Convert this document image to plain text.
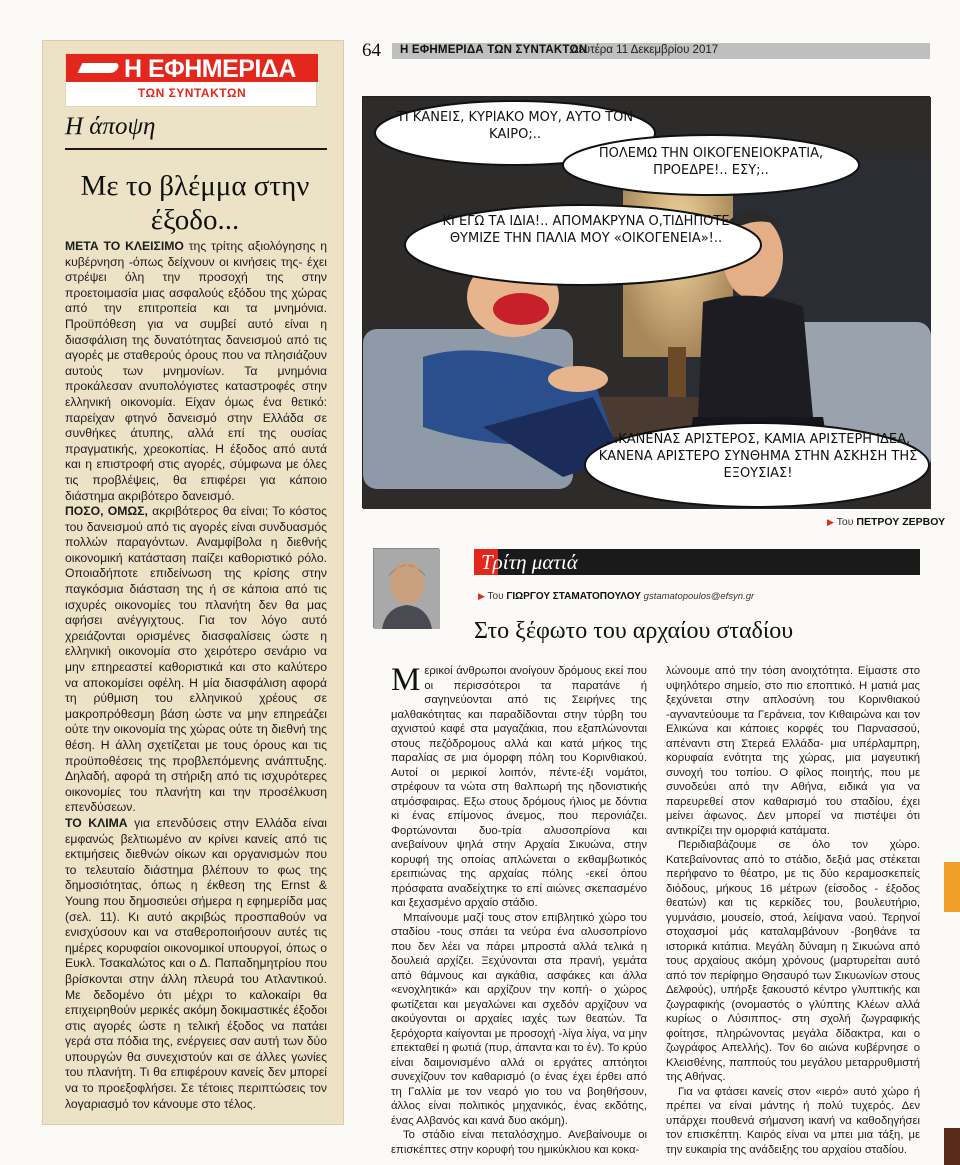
Η ΕΦΗΜΕΡΙΔΑ
ΤΩΝ ΣΥΝΤΑΚΤΩΝ
Η άποψη
Με το βλέμμα στην έξοδο...

ΜΕΤΑ ΤΟ ΚΛΕΙΣΙΜΟ της τρίτης αξιολόγησης η κυβέρνηση -όπως δείχνουν οι κινήσεις της- έχει στρέψει όλη την προσοχή της στην προετοιμασία μιας ασφαλούς εξόδου της χώρας από την επιτροπεία και τα μνημόνια. Προϋπόθεση για να συμβεί αυτό είναι η διασφάλιση της δυνατότητας δανεισμού από τις αγορές με σταθερούς όρους που να πλησιάζουν αυτούς των μνημονίων. Τα μνημόνια προκάλεσαν ανυπολόγιστες καταστροφές στην ελληνική οικονομία. Είχαν όμως ένα θετικό: παρείχαν φτηνό δανεισμό στην Ελλάδα σε συνθήκες άτυπης, αλλά επί της ουσίας πραγματικής, χρεοκοπίας. Η έξοδος από αυτά και η επιστροφή στις αγορές, σύμφωνα με όλες τις προβλέψεις, θα επιφέρει για κάποιο διάστημα ακριβότερο δανεισμό.

ΠΟΣΟ, ΟΜΩΣ, ακριβότερος θα είναι; Το κόστος του δανεισμού από τις αγορές είναι συνδυασμός πολλών παραγόντων. Αναμφίβολα η διεθνής οικονομική κατάσταση παίζει καθοριστικό ρόλο. Οποιαδήποτε επιδείνωση της κρίσης στην παγκόσμια διάσταση της ή σε κάποια από τις ισχυρές οικονομίες του πλανήτη δεν θα μας αφήσει ανέγγιχτους. Για τον λόγο αυτό χρειάζονται ορισμένες διασφαλίσεις ώστε η ελληνική οικονομία στο χειρότερο σενάριο να μην επηρεαστεί καθοριστικά και στο καλύτερο να αποκομίσει οφέλη. Η μία διασφάλιση αφορά τη ρύθμιση του ελληνικού χρέους σε μακροπρόθεσμη βάση ώστε να μην επηρεάζει ούτε την οικονομία της χώρας ούτε τη διεθνή της θέση. Η άλλη σχετίζεται με τους όρους και τις προϋποθέσεις της προβλεπόμενης ανάπτυξης. Δηλαδή, αφορά τη στήριξη από τις ισχυρότερες οικονομίες του πλανήτη και την προσέλκυση επενδύσεων.

ΤΟ ΚΛΙΜΑ για επενδύσεις στην Ελλάδα είναι εμφανώς βελτιωμένο αν κρίνει κανείς από τις εκτιμήσεις διεθνών οίκων και οργανισμών που το τελευταίο διάστημα βλέπουν το φως της δημοσιότητας, όπως η έκθεση της Ernst & Young που δημοσιεύει σήμερα η εφημερίδα μας (σελ. 11). Κι αυτό ακριβώς προσπαθούν να ενισχύσουν και να σταθεροποιήσουν αυτές τις ημέρες κορυφαίοι οικονομικοί υπουργοί, όπως ο Ευκλ. Τσακαλώτος και ο Δ. Παπαδημητρίου που βρίσκονται στην άλλη πλευρά του Ατλαντικού. Με δεδομένο ότι μέχρι το καλοκαίρι θα επιχειρηθούν μερικές ακόμη δοκιμαστικές έξοδοι στις αγορές ώστε η τελική έξοδος να πατάει γερά στα πόδια της, ενέργειες σαν αυτή των δύο υπουργών θα συνεχιστούν και σε άλλες γωνίες του πλανήτη. Τι θα επιφέρουν κανείς δεν μπορεί να το προεξοφλήσει. Σε τέτοιες περιπτώσεις τον λογαριασμό τον κάνουμε στο τέλος.

64 Η ΕΦΗΜΕΡΙΔΑ ΤΩΝ ΣΥΝΤΑΚΤΩΝ
Δευτέρα 11 Δεκεμβρίου 2017
ΤΙ ΚΑΝΕΙΣ, ΚΥΡΙΑΚΟ ΜΟΥ, ΑΥΤΟ ΤΟΝ ΚΑΙΡΟ;..
ΠΟΛΕΜΩ ΤΗΝ ΟΙΚΟΓΕΝΕΙΟΚΡΑΤΙΑ, ΠΡΟΕΔΡΕ!.. ΕΣΥ;..
ΚΙ ΕΓΩ ΤΑ ΙΔΙΑ!.. ΑΠΟΜΑΚΡΥΝΑ Ο,ΤΙΔΗΠΟΤΕ ΘΥΜΙΖΕ ΤΗΝ ΠΑΛΙΑ ΜΟΥ «ΟΙΚΟΓΕΝΕΙΑ»!..
...ΚΑΝΕΝΑΣ ΑΡΙΣΤΕΡΟΣ, ΚΑΜΙΑ ΑΡΙΣΤΕΡΗ ΙΔΕΑ, ΚΑΝΕΝΑ ΑΡΙΣΤΕΡΟ ΣΥΝΘΗΜΑ ΣΤΗΝ ΑΣΚΗΣΗ ΤΗΣ ΕΞΟΥΣΙΑΣ!
▶ Του ΠΕΤΡΟΥ ΖΕΡΒΟΥ
Τρίτη ματιά
▶ Του ΓΙΩΡΓΟΥ ΣΤΑΜΑΤΟΠΟΥΛΟΥ gstamatopoulos@efsyn.gr
Στο ξέφωτο του αρχαίου σταδίου

Μερικοί άνθρωποι ανοίγουν δρόμους εκεί που οι περισσότεροι τα παρατάνε ή σαγηνεύονται από τις Σειρήνες της μαλθακότητας και παραδίδονται στην τύρβη του αχνιστού καφέ στα μαγαζάκια, που εξαπλώνονται στους πεζόδρομους αλλά και κατά μήκος της παραλίας σε μια όμορφη πόλη του Κορινθιακού. Αυτοί οι μερικοί λοιπόν, πέντε-έξι νομάτοι, στρέφουν τα νώτα στη θαλπωρή της ηδονιστικής ατμόσφαιρας. Εξω στους δρόμους ήλιος με δόντια κι ένας επίμονος άνεμος, που περονιάζει. Φορτώνονται δυο-τρία αλυσοπρίονα και ανεβαίνουν ψηλά στην Αρχαία Σικυώνα, στην κορυφή της οποίας απλώνεται ο εκθαμβωτικός ερειπιώνας της αρχαίας πόλης -εκεί όπου πρόσφατα αναδείχτηκε το επί αιώνες σκεπασμένο και ξεχασμένο αρχαίο στάδιο.

Μπαίνουμε μαζί τους στον επιβλητικό χώρο του σταδίου -τους σπάει τα νεύρα ένα αλυσοπρίονο που δεν λέει να πάρει μπροστά αλλά τελικά η δουλειά αρχίζει. Ξεχύνονται στα πρανή, γεμάτα από θάμνους και αγκάθια, ασφάκες και άλλα «ενοχλητικά» και αρχίζουν την κοπή- ο χώρος φωτίζεται και μεγαλώνει και σχεδόν αρχίζουν να ακούγονται οι αρχαίες ιαχές των θεατών. Τα ξερόχορτα καίγονται με προσοχή -λίγα λίγα, να μην επεκταθεί η φωτιά (πυρ, άπαντα και το έν). Το κρύο είναι δαιμονισμένο αλλά οι εργάτες απτόητοι συνεχίζουν τον καθαρισμό (ο ένας έχει έρθει από τη Γαλλία με τον νεαρό γιο του να βοηθήσουν, άλλος είναι πολιτικός μηχανικός, ένας εκδότης, ένας Αλβανός και κανά δυο ακόμη).

Το στάδιο είναι πεταλόσχημο. Ανεβαίνουμε οι επισκέπτες στην κορυφή του ημικύκλιου και κοκα-

λώνουμε από την τόση ανοιχτότητα. Είμαστε στο υψηλότερο σημείο, στο πιο εποπτικό. Η ματιά μας ξεχύνεται στην απλοσύνη του Κορινθιακού -αγναντεύουμε τα Γεράνεια, τον Κιθαιρώνα και τον Ελικώνα και κάποιες κορφές του Παρνασσού, απέναντι στη Στερεά Ελλάδα- μια υπέρλαμπρη, κορυφαία ενότητα της χώρας, μια μαγευτική συνοχή του τοπίου. Ο φίλος ποιητής, που με συνοδεύει από την Αθήνα, ειδικά για να παρευρεθεί στον καθαρισμό του σταδίου, έχει μείνει άφωνος. Δεν μπορεί να πιστέψει ότι αντικρίζει την ομορφιά κατάματα.

Περιδιαβάζουμε σε όλο τον χώρο. Κατεβαίνοντας από το στάδιο, δεξιά μας στέκεται περήφανο το θέατρο, με τις δύο κεραμοσκεπείς διόδους, μήκους 16 μέτρων (είσοδος - έξοδος θεατών) και τις κερκίδες του, βουλευτήριο, γυμνάσιο, μουσείο, στοά, λείψανα ναού. Τερηνοί στοχασμοί μάς καταλαμβάνουν -βοηθάνε τα ιστορικά κιτάπια. Μεγάλη δύναμη η Σικυώνα από τους αρχαίους ακόμη χρόνους (μαρτυρείται αυτό από τον περίφημο Θησαυρό των Σικυωνίων στους Δελφούς), υπήρξε ξακουστό κέντρο γλυπτικής και ζωγραφικής (ονομαστός ο γλύπτης Κλέων αλλά κυρίως ο Λύσιππος- στη σχολή ζωγραφικής φοίτησε, πληρώνοντας μεγάλα δίδακτρα, και ο ζωγράφος Απελλής). Τον 6ο αιώνα κυβέρνησε ο Κλεισθένης, παππούς του μεγάλου μεταρρυθμιστή της Αθήνας.

Για να φτάσει κανείς στον «ιερό» αυτό χώρο ή πρέπει να είναι μάντης ή πολύ τυχερός. Δεν υπάρχει πουθενά σήμανση ικανή να καθοδηγήσει τον επισκέπτη. Καιρός είναι να μπει μια τάξη, με την ευκαιρία της ανάδειξης του αρχαίου σταδίου.
